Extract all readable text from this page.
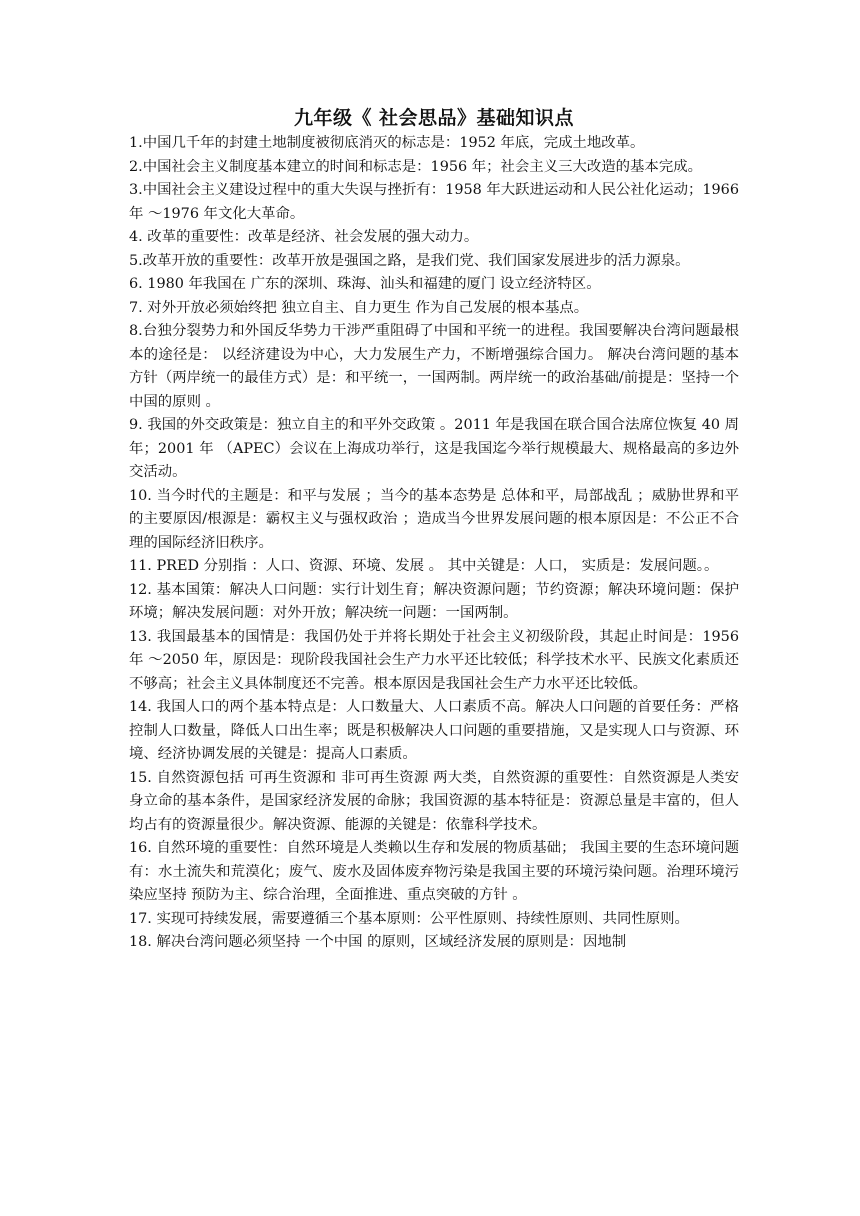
九年级《 社会思品》基础知识点

1.中国几千年的封建土地制度被彻底消灭的标志是：1952 年底，完成土地改革。

2.中国社会主义制度基本建立的时间和标志是：1956 年；社会主义三大改造的基本完成。

3.中国社会主义建设过程中的重大失误与挫折有：1958 年大跃进运动和人民公社化运动；1966 年 ～1976 年文化大革命。

4. 改革的重要性：改革是经济、社会发展的强大动力。

5.改革开放的重要性：改革开放是强国之路，是我们党、我们国家发展进步的活力源泉。

6. 1980 年我国在 广东的深圳、珠海、汕头和福建的厦门 设立经济特区。

7. 对外开放必须始终把 独立自主、自力更生 作为自己发展的根本基点。

8.台独分裂势力和外国反华势力干涉严重阻碍了中国和平统一的进程。我国要解决台湾问题最根本的途径是： 以经济建设为中心，大力发展生产力，不断增强综合国力。 解决台湾问题的基本方针（两岸统一的最佳方式）是：和平统一，一国两制。两岸统一的政治基础/前提是：坚持一个中国的原则 。

9. 我国的外交政策是：独立自主的和平外交政策 。2011 年是我国在联合国合法席位恢复 40 周年；2001 年 （APEC）会议在上海成功举行，这是我国迄今举行规模最大、规格最高的多边外交活动。

10. 当今时代的主题是：和平与发展 ；当今的基本态势是 总体和平，局部战乱 ；威胁世界和平的主要原因/根源是：霸权主义与强权政治 ；造成当今世界发展问题的根本原因是：不公正不合理的国际经济旧秩序。

11. PRED 分别指 ：人口、资源、环境、发展 。 其中关键是：人口， 实质是：发展问题。。

12. 基本国策：解决人口问题：实行计划生育；解决资源问题；节约资源；解决环境问题：保护环境；解决发展问题：对外开放；解决统一问题：一国两制。

13. 我国最基本的国情是：我国仍处于并将长期处于社会主义初级阶段，其起止时间是：1956 年 ～2050 年，原因是：现阶段我国社会生产力水平还比较低；科学技术水平、民族文化素质还不够高；社会主义具体制度还不完善。根本原因是我国社会生产力水平还比较低。

14. 我国人口的两个基本特点是：人口数量大、人口素质不高。解决人口问题的首要任务：严格控制人口数量，降低人口出生率；既是积极解决人口问题的重要措施，又是实现人口与资源、环境、经济协调发展的关键是：提高人口素质。

15. 自然资源包括 可再生资源和 非可再生资源 两大类，自然资源的重要性：自然资源是人类安身立命的基本条件，是国家经济发展的命脉；我国资源的基本特征是：资源总量是丰富的，但人均占有的资源量很少。解决资源、能源的关键是：依靠科学技术。

16. 自然环境的重要性：自然环境是人类赖以生存和发展的物质基础； 我国主要的生态环境问题有：水土流失和荒漠化；废气、废水及固体废弃物污染是我国主要的环境污染问题。治理环境污染应坚持 预防为主、综合治理，全面推进、重点突破的方针 。

17. 实现可持续发展，需要遵循三个基本原则：公平性原则、持续性原则、共同性原则。

18. 解决台湾问题必须坚持 一个中国 的原则，区域经济发展的原则是：因地制
